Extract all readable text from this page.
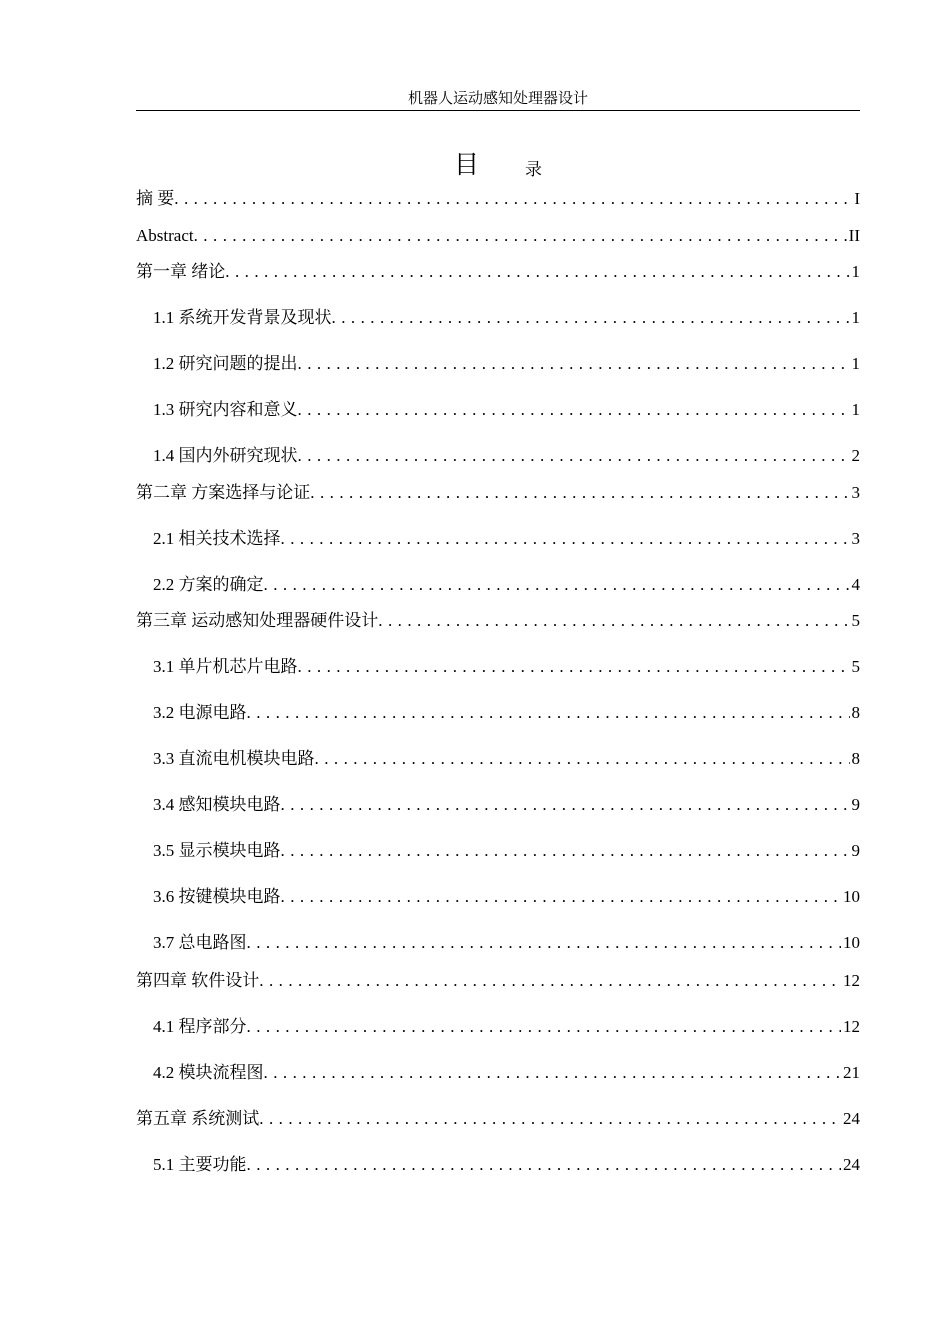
机器人运动感知处理器设计
目	录
摘 要 . . .	I
Abstract . . .	II
第一章 绪论 . . .	1
1.1 系统开发背景及现状 . . .	1
1.2 研究问题的提出 . . .	1
1.3 研究内容和意义 . . .	1
1.4 国内外研究现状 . . .	2
第二章 方案选择与论证 . . .	3
2.1 相关技术选择 . . .	3
2.2 方案的确定 . . .	4
第三章 运动感知处理器硬件设计 . . .	5
3.1 单片机芯片电路 . . .	5
3.2 电源电路 . . .	8
3.3 直流电机模块电路 . . .	8
3.4 感知模块电路 . . .	9
3.5 显示模块电路 . . .	9
3.6 按键模块电路 . . .	10
3.7 总电路图 . . .	10
第四章 软件设计 . . .	12
4.1 程序部分 . . .	12
4.2 模块流程图 . . .	21
第五章 系统测试 . . .	24
5.1 主要功能 . . .	24
